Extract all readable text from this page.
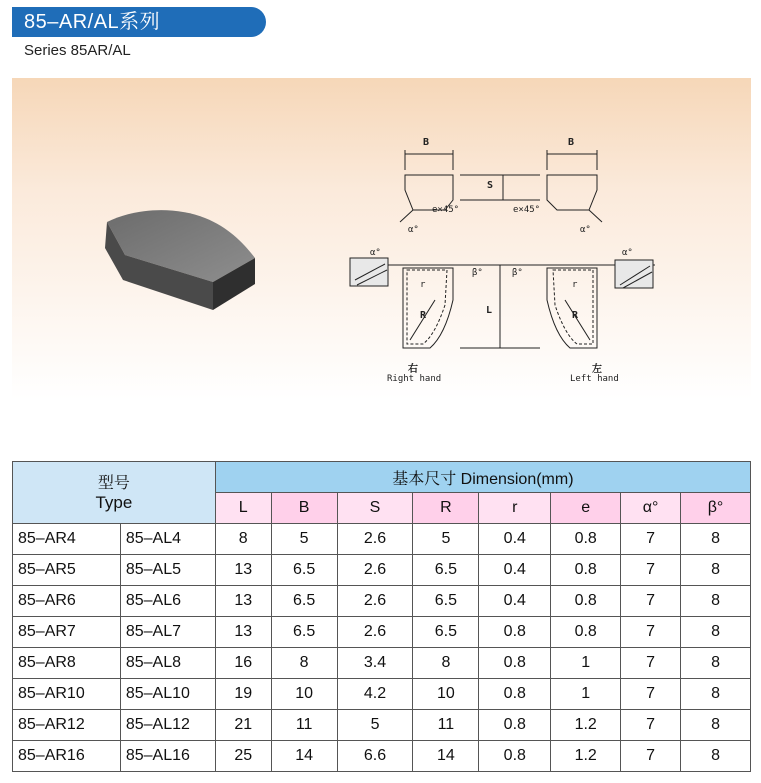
85–AR/AL系列
Series 85AR/AL
B	B
S
e×45°	e×45°
α°	α°
α°	α°
β°	β°
r	r
R	R
L
右
Right hand
左
Left hand
型号
Type		基本尺寸 Dimension(mm)							
		L	B	S	R	r	e	α°	β°
85–AR4	85–AL4	8	5	2.6	5	0.4	0.8	7	8
85–AR5	85–AL5	13	6.5	2.6	6.5	0.4	0.8	7	8
85–AR6	85–AL6	13	6.5	2.6	6.5	0.4	0.8	7	8
85–AR7	85–AL7	13	6.5	2.6	6.5	0.8	0.8	7	8
85–AR8	85–AL8	16	8	3.4	8	0.8	1	7	8
85–AR10	85–AL10	19	10	4.2	10	0.8	1	7	8
85–AR12	85–AL12	21	11	5	11	0.8	1.2	7	8
85–AR16	85–AL16	25	14	6.6	14	0.8	1.2	7	8
